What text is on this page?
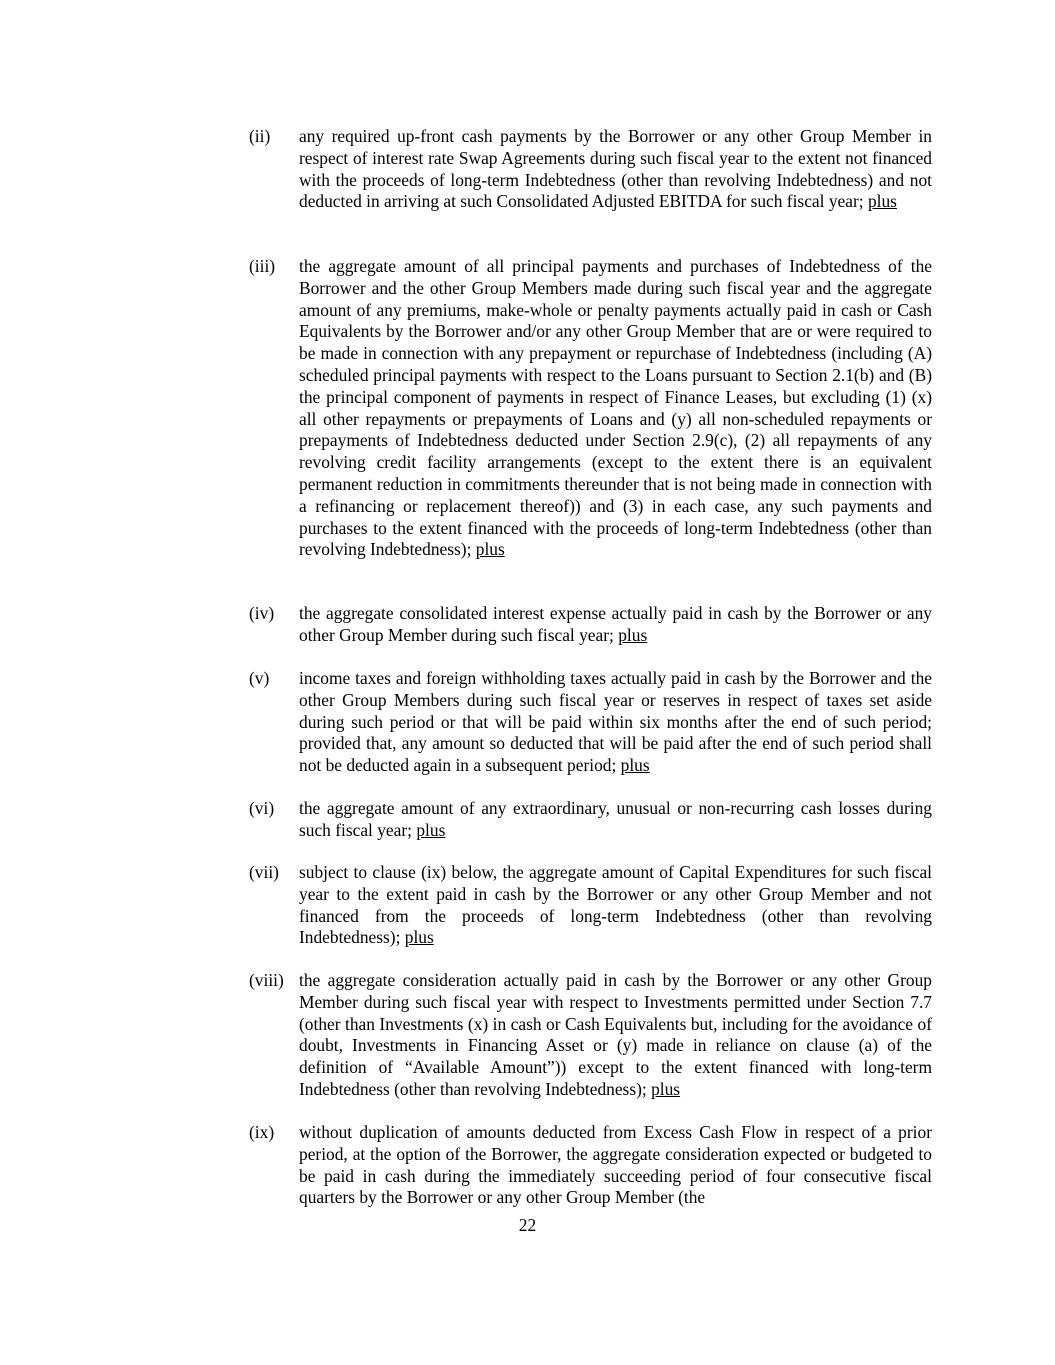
(ii)	any required up-front cash payments by the Borrower or any other Group Member in respect of interest rate Swap Agreements during such fiscal year to the extent not financed with the proceeds of long-term Indebtedness (other than revolving Indebtedness) and not deducted in arriving at such Consolidated Adjusted EBITDA for such fiscal year; plus
(iii)	the aggregate amount of all principal payments and purchases of Indebtedness of the Borrower and the other Group Members made during such fiscal year and the aggregate amount of any premiums, make-whole or penalty payments actually paid in cash or Cash Equivalents by the Borrower and/or any other Group Member that are or were required to be made in connection with any prepayment or repurchase of Indebtedness (including (A) scheduled principal payments with respect to the Loans pursuant to Section 2.1(b) and (B) the principal component of payments in respect of Finance Leases, but excluding (1) (x) all other repayments or prepayments of Loans and (y) all non-scheduled repayments or prepayments of Indebtedness deducted under Section 2.9(c), (2) all repayments of any revolving credit facility arrangements (except to the extent there is an equivalent permanent reduction in commitments thereunder that is not being made in connection with a refinancing or replacement thereof)) and (3) in each case, any such payments and purchases to the extent financed with the proceeds of long-term Indebtedness (other than revolving Indebtedness); plus
(iv)	the aggregate consolidated interest expense actually paid in cash by the Borrower or any other Group Member during such fiscal year; plus
(v)	income taxes and foreign withholding taxes actually paid in cash by the Borrower and the other Group Members during such fiscal year or reserves in respect of taxes set aside during such period or that will be paid within six months after the end of such period; provided that, any amount so deducted that will be paid after the end of such period shall not be deducted again in a subsequent period; plus
(vi)	the aggregate amount of any extraordinary, unusual or non-recurring cash losses during such fiscal year; plus
(vii)	subject to clause (ix) below, the aggregate amount of Capital Expenditures for such fiscal year to the extent paid in cash by the Borrower or any other Group Member and not financed from the proceeds of long-term Indebtedness (other than revolving Indebtedness); plus
(viii) the aggregate consideration actually paid in cash by the Borrower or any other Group Member during such fiscal year with respect to Investments permitted under Section 7.7 (other than Investments (x) in cash or Cash Equivalents but, including for the avoidance of doubt, Investments in Financing Asset or (y) made in reliance on clause (a) of the definition of “Available Amount”)) except to the extent financed with long-term Indebtedness (other than revolving Indebtedness); plus
(ix)	without duplication of amounts deducted from Excess Cash Flow in respect of a prior period, at the option of the Borrower, the aggregate consideration expected or budgeted to be paid in cash during the immediately succeeding period of four consecutive fiscal quarters by the Borrower or any other Group Member (the
22
